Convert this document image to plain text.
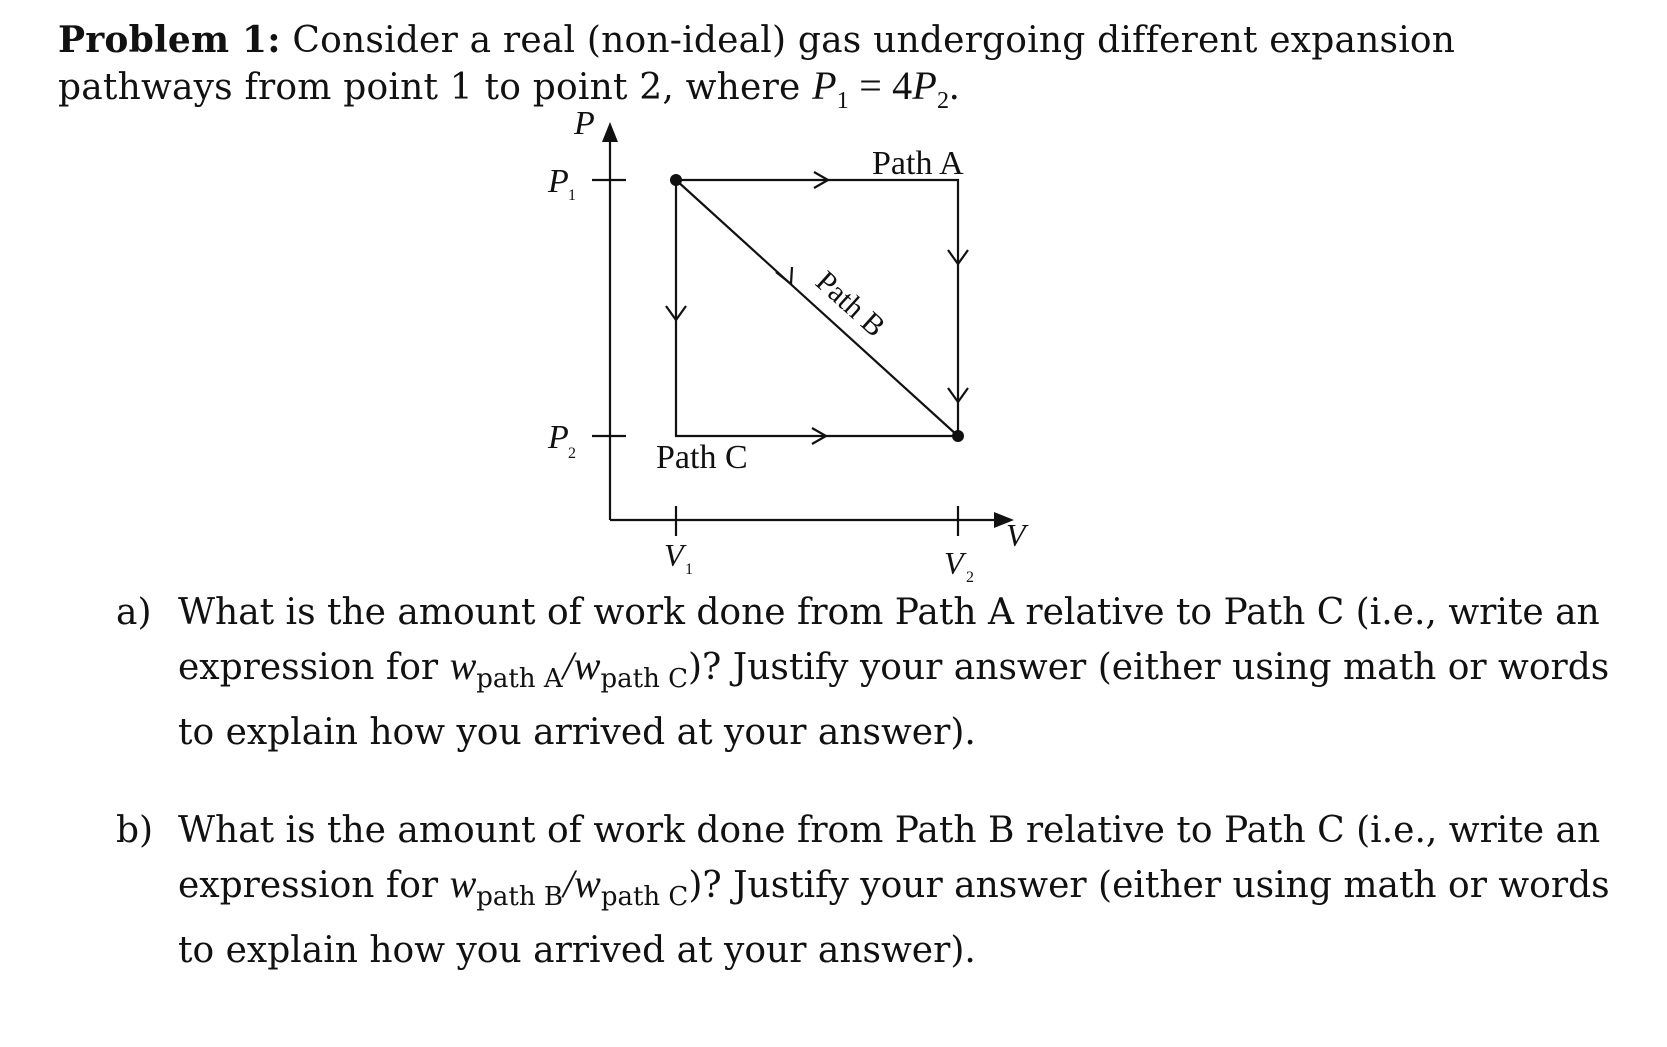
Problem 1: Consider a real (non-ideal) gas undergoing different expansion pathways from point 1 to point 2, where $P_1 = 4P_2$.
P
V
P 1
P 2
V 1	V 2
Path A
Path C
Path B
a) What is the amount of work done from Path A relative to Path C (i.e., write an expression for $w_{path A}/w_{path C}$)? Justify your answer (either using math or words to explain how you arrived at your answer).
b) What is the amount of work done from Path B relative to Path C (i.e., write an expression for $w_{path B}/w_{path C}$)? Justify your answer (either using math or words to explain how you arrived at your answer).
